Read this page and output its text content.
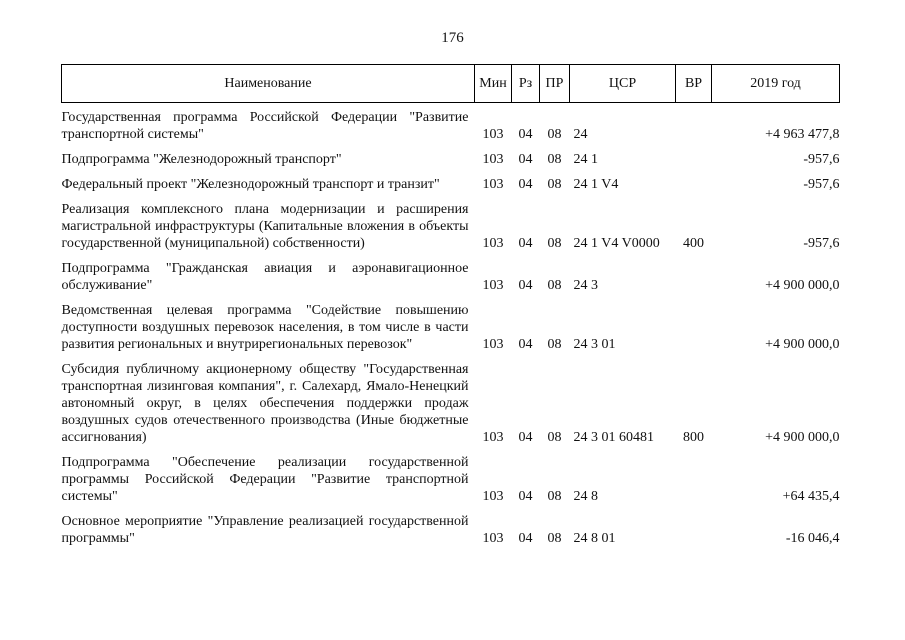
176
Наименование	Мин	Рз	ПР	ЦСР	ВР	2019 год
Государственная программа Российской Федерации "Развитие транспортной системы"	103	04	08	24		+4 963 477,8
Подпрограмма "Железнодорожный транспорт"	103	04	08	24 1		-957,6
Федеральный проект "Железнодорожный транспорт и транзит"	103	04	08	24 1 V4		-957,6
Реализация комплексного плана модернизации и расширения магистральной инфраструктуры (Капитальные вложения в объекты государственной (муниципальной) собственности)	103	04	08	24 1 V4 V0000	400	-957,6
Подпрограмма "Гражданская авиация и аэронавигационное обслуживание"	103	04	08	24 3		+4 900 000,0
Ведомственная целевая программа "Содействие повышению доступности воздушных перевозок населения, в том числе в части развития региональных и внутрирегиональных перевозок"	103	04	08	24 3 01		+4 900 000,0
Субсидия публичному акционерному обществу "Государственная транспортная лизинговая компания", г. Салехард, Ямало-Ненецкий автономный округ, в целях обеспечения поддержки продаж воздушных судов отечественного производства (Иные бюджетные ассигнования)	103	04	08	24 3 01 60481	800	+4 900 000,0
Подпрограмма "Обеспечение реализации государственной программы Российской Федерации "Развитие транспортной системы"	103	04	08	24 8		+64 435,4
Основное мероприятие "Управление реализацией государственной программы"	103	04	08	24 8 01		-16 046,4
